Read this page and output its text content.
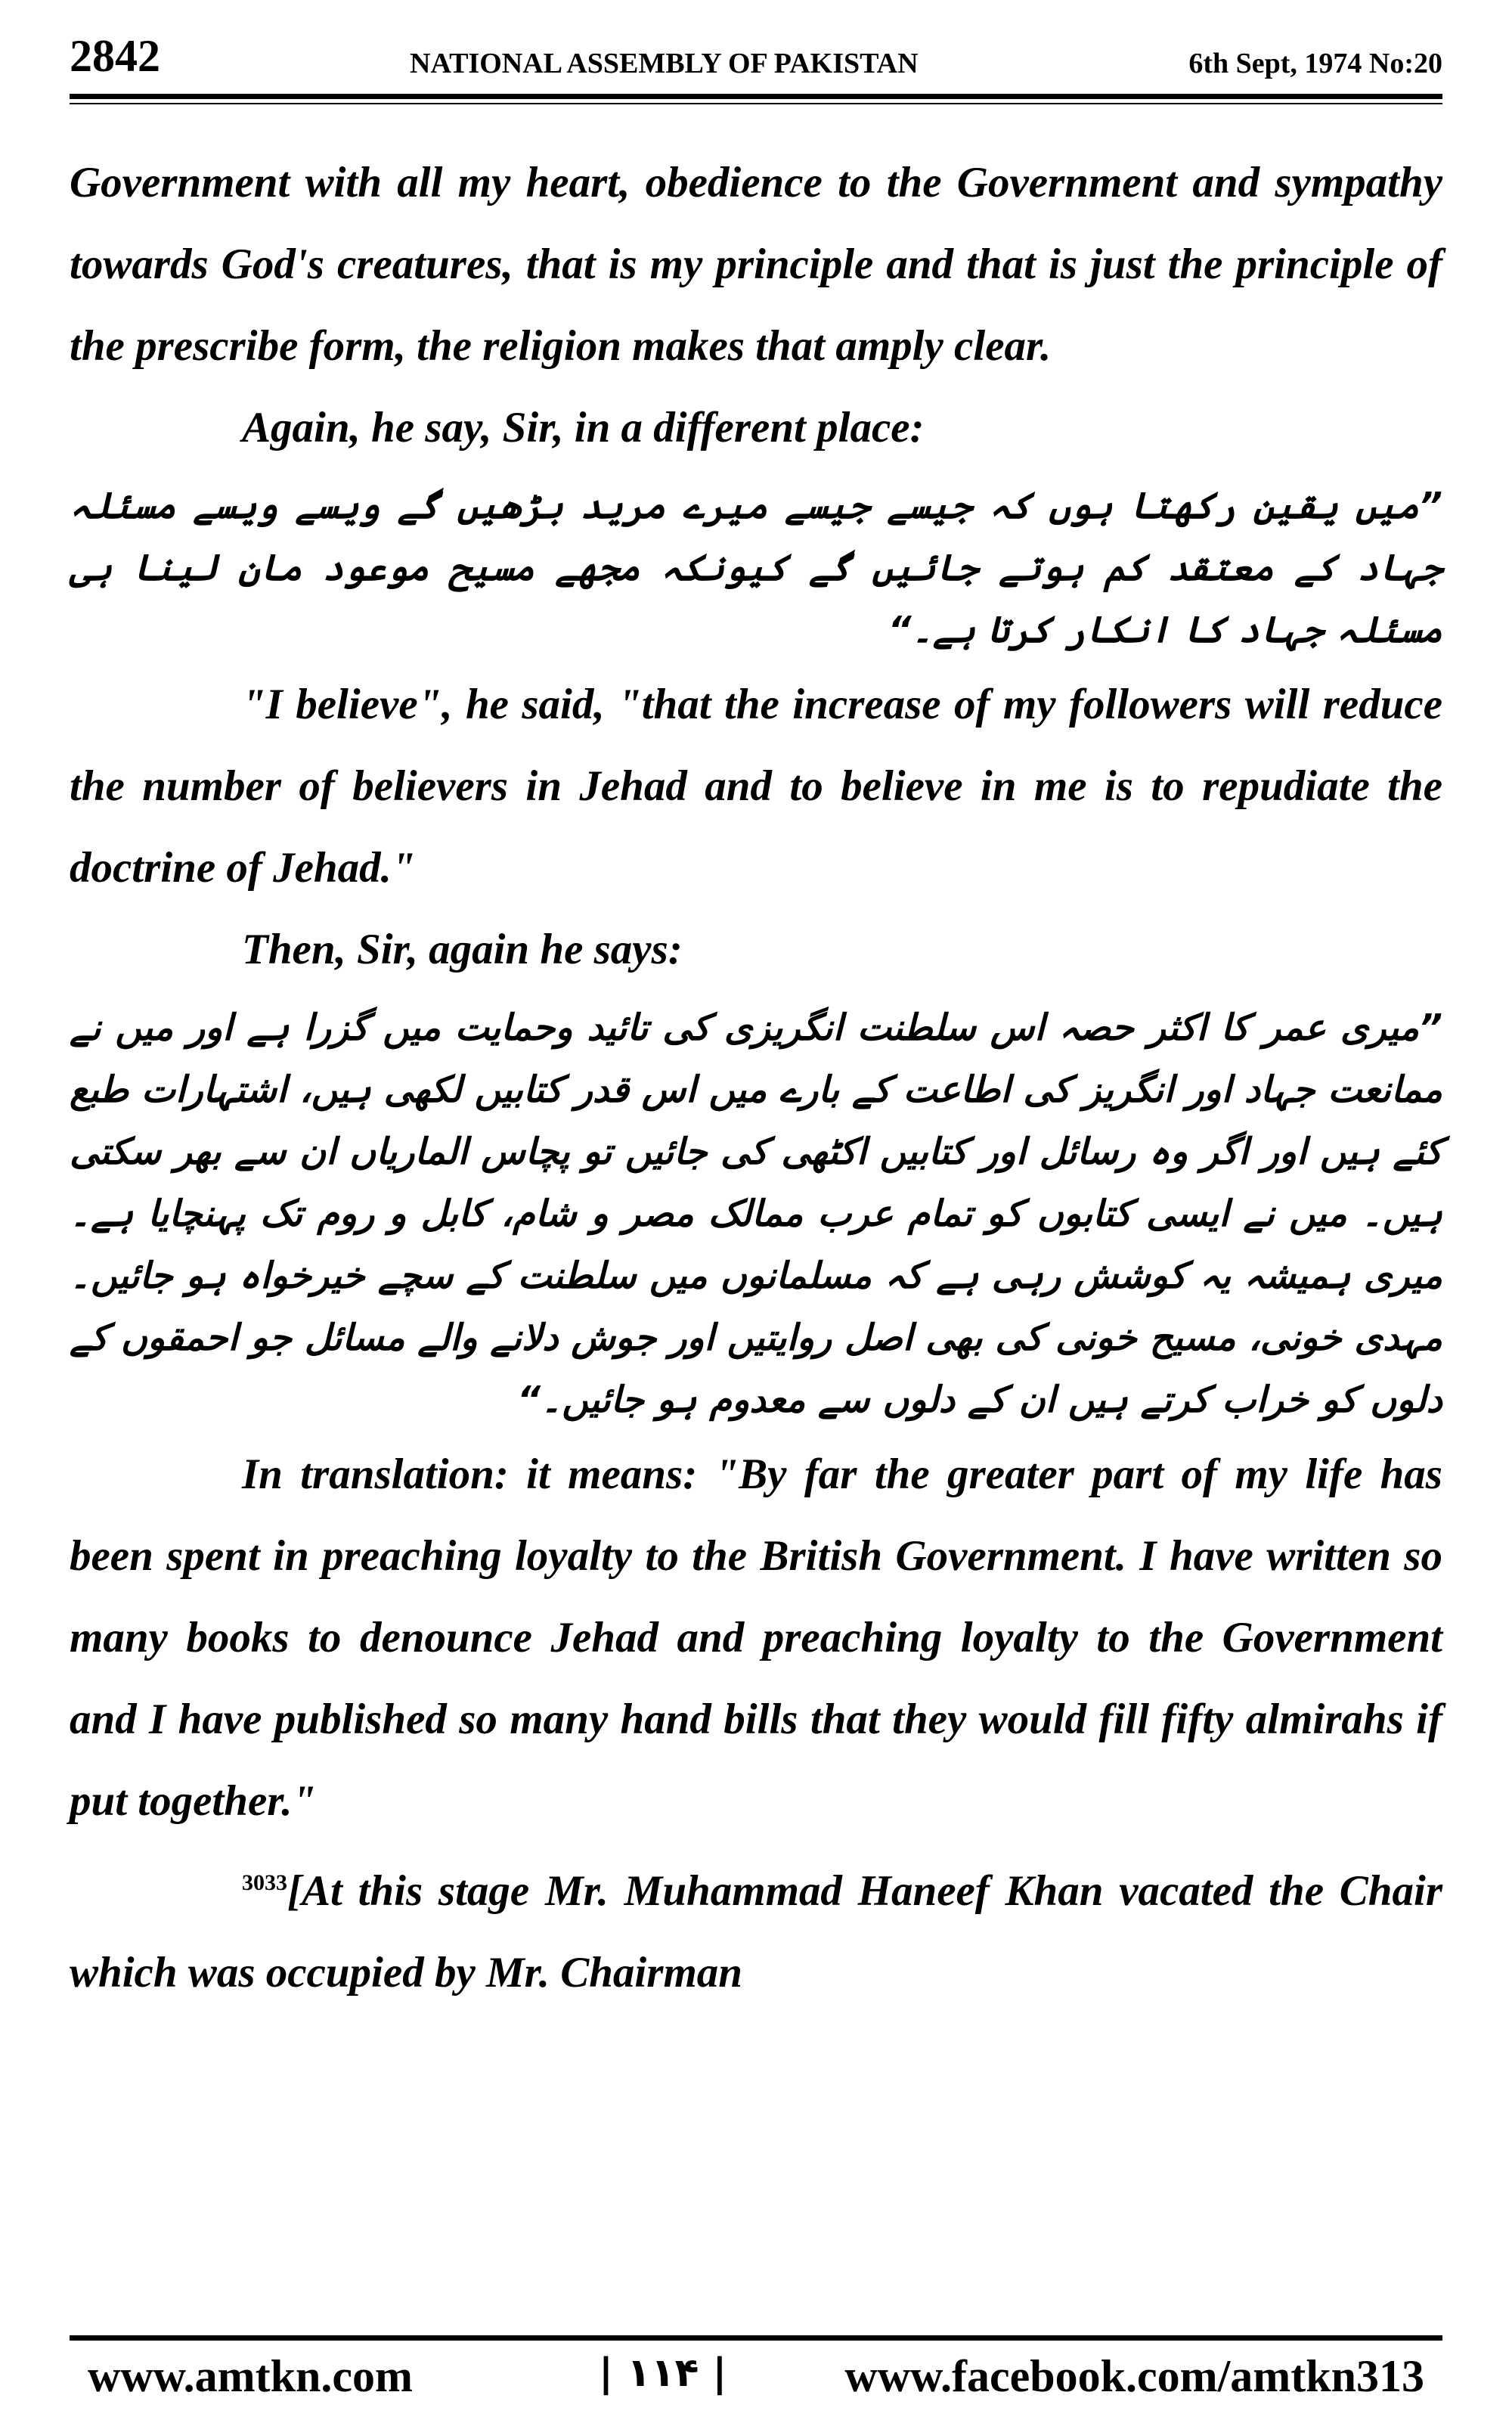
2842	NATIONAL ASSEMBLY OF PAKISTAN	6th Sept, 1974 No:20

Government with all my heart, obedience to the Government and sympathy towards God's creatures, that is my principle and that is just the principle of the prescribe form, the religion makes that amply clear.

Again, he say, Sir, in a different place:

”میں یقین رکھتا ہوں کہ جیسے جیسے میرے مرید بڑھیں گے ویسے ویسے مسئلہ جہاد کے معتقد کم ہوتے جائیں گے کیونکہ مجھے مسیح موعود مان لینا ہی مسئلہ جہاد کا انکار کرتا ہے۔“

"I believe", he said, "that the increase of my followers will reduce the number of believers in Jehad and to believe in me is to repudiate the doctrine of Jehad."

Then, Sir, again he says:

”میری عمر کا اکثر حصہ اس سلطنت انگریزی کی تائید وحمایت میں گزرا ہے اور میں نے ممانعت جہاد اور انگریز کی اطاعت کے بارے میں اس قدر کتابیں لکھی ہیں، اشتہارات طبع کئے ہیں اور اگر وہ رسائل اور کتابیں اکٹھی کی جائیں تو پچاس الماریاں ان سے بھر سکتی ہیں۔ میں نے ایسی کتابوں کو تمام عرب ممالک مصر و شام، کابل و روم تک پہنچایا ہے۔ میری ہمیشہ یہ کوشش رہی ہے کہ مسلمانوں میں سلطنت کے سچے خیرخواہ ہو جائیں۔ مہدی خونی، مسیح خونی کی بھی اصل روایتیں اور جوش دلانے والے مسائل جو احمقوں کے دلوں کو خراب کرتے ہیں ان کے دلوں سے معدوم ہو جائیں۔“

In translation: it means: "By far the greater part of my life has been spent in preaching loyalty to the British Government. I have written so many books to denounce Jehad and preaching loyalty to the Government and I have published so many hand bills that they would fill fifty almirahs if put together."

$^{3033}$[At this stage Mr. Muhammad Haneef Khan vacated the Chair which was occupied by Mr. Chairman

www.amtkn.com	| ۱۱۴ |	www.facebook.com/amtkn313
